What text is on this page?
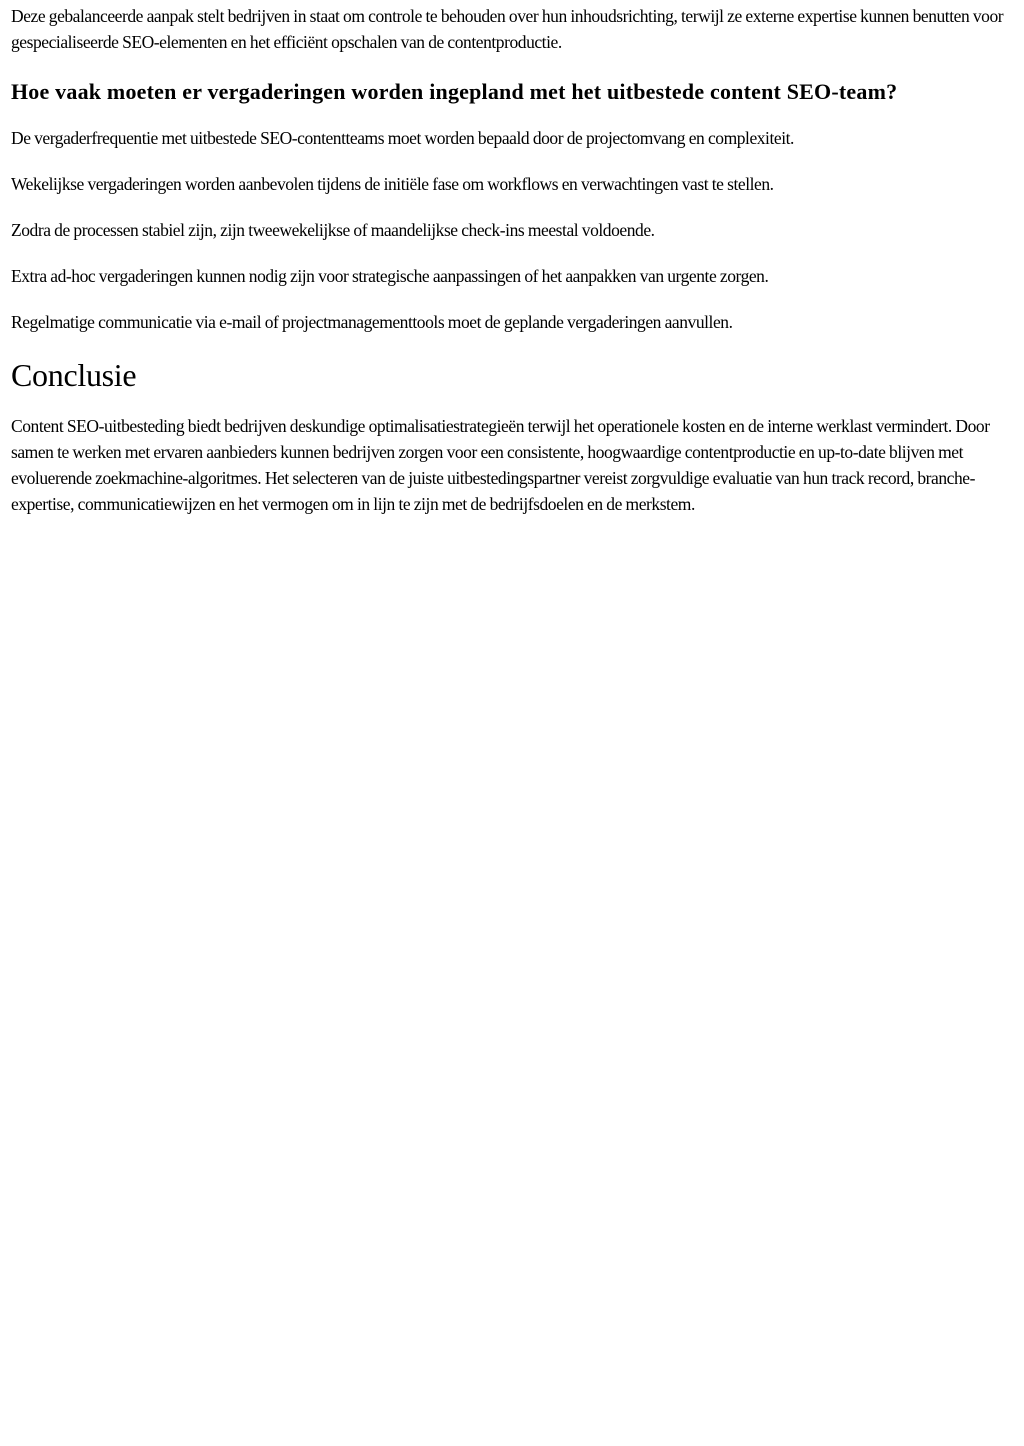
Deze gebalanceerde aanpak stelt bedrijven in staat om controle te behouden over hun inhoudsrichting, terwijl ze externe expertise kunnen benutten voor gespecialiseerde SEO-elementen en het efficiënt opschalen van de contentproductie.

Hoe vaak moeten er vergaderingen worden ingepland met het uitbestede content SEO-team?

De vergaderfrequentie met uitbestede SEO-contentteams moet worden bepaald door de projectomvang en complexiteit.

Wekelijkse vergaderingen worden aanbevolen tijdens de initiële fase om workflows en verwachtingen vast te stellen.

Zodra de processen stabiel zijn, zijn tweewekelijkse of maandelijkse check-ins meestal voldoende.

Extra ad-hoc vergaderingen kunnen nodig zijn voor strategische aanpassingen of het aanpakken van urgente zorgen.

Regelmatige communicatie via e-mail of projectmanagementtools moet de geplande vergaderingen aanvullen.

Conclusie

Content SEO-uitbesteding biedt bedrijven deskundige optimalisatiestrategieën terwijl het operationele kosten en de interne werklast vermindert. Door samen te werken met ervaren aanbieders kunnen bedrijven zorgen voor een consistente, hoogwaardige contentproductie en up-to-date blijven met evoluerende zoekmachine-algoritmes. Het selecteren van de juiste uitbestedingspartner vereist zorgvuldige evaluatie van hun track record, branche-expertise, communicatiewijzen en het vermogen om in lijn te zijn met de bedrijfsdoelen en de merkstem.
